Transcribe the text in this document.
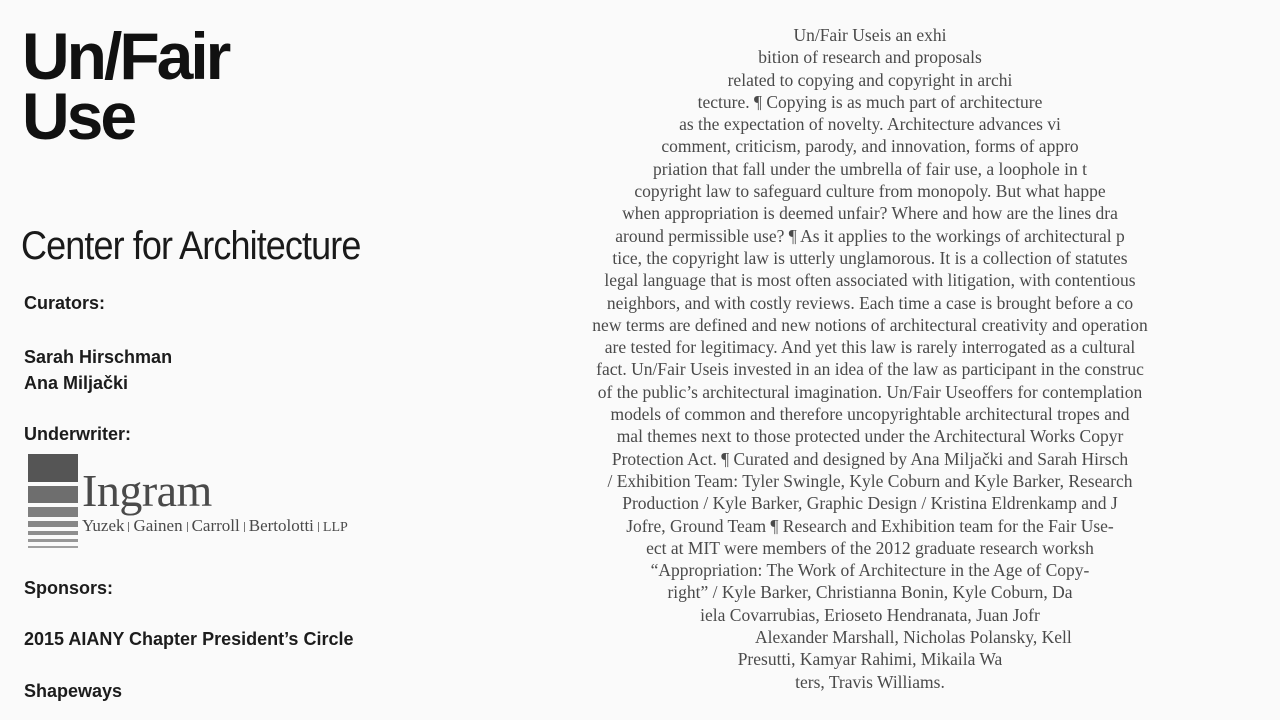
Un/Fair
Use
Center for Architecture

Curators:

Sarah Hirschman
Ana Miljački

Underwriter:

Ingram
Yuzek Gainen Carroll Bertolotti LLP

Sponsors:

2015 AIANY Chapter President’s Circle

Shapeways

Un/Fair Useis an exhi
bition of research and proposals
related to copying and copyright in archi
tecture. ¶ Copying is as much part of architecture
as the expectation of novelty. Architecture advances vi
comment, criticism, parody, and innovation, forms of appro
priation that fall under the umbrella of fair use, a loophole in t
copyright law to safeguard culture from monopoly. But what happe
when appropriation is deemed unfair? Where and how are the lines dra
around permissible use? ¶ As it applies to the workings of architectural p
tice, the copyright law is utterly unglamorous. It is a collection of statutes
legal language that is most often associated with litigation, with contentious
neighbors, and with costly reviews. Each time a case is brought before a co
new terms are defined and new notions of architectural creativity and operation
are tested for legitimacy. And yet this law is rarely interrogated as a cultural
fact. Un/Fair Useis invested in an idea of the law as participant in the construc
of the public’s architectural imagination. Un/Fair Useoffers for contemplation
models of common and therefore uncopyrightable architectural tropes and
mal themes next to those protected under the Architectural Works Copyr
Protection Act. ¶ Curated and designed by Ana Miljački and Sarah Hirsch
/ Exhibition Team: Tyler Swingle, Kyle Coburn and Kyle Barker, Research
Production / Kyle Barker, Graphic Design / Kristina Eldrenkamp and J
Jofre, Ground Team ¶ Research and Exhibition team for the Fair Use-
ect at MIT were members of the 2012 graduate research worksh
“Appropriation: The Work of Architecture in the Age of Copy-
right” / Kyle Barker, Christianna Bonin, Kyle Coburn, Da
iela Covarrubias, Erioseto Hendranata, Juan Jofr
Alexander Marshall, Nicholas Polansky, Kell
Presutti, Kamyar Rahimi, Mikaila Wa
ters, Travis Williams.
